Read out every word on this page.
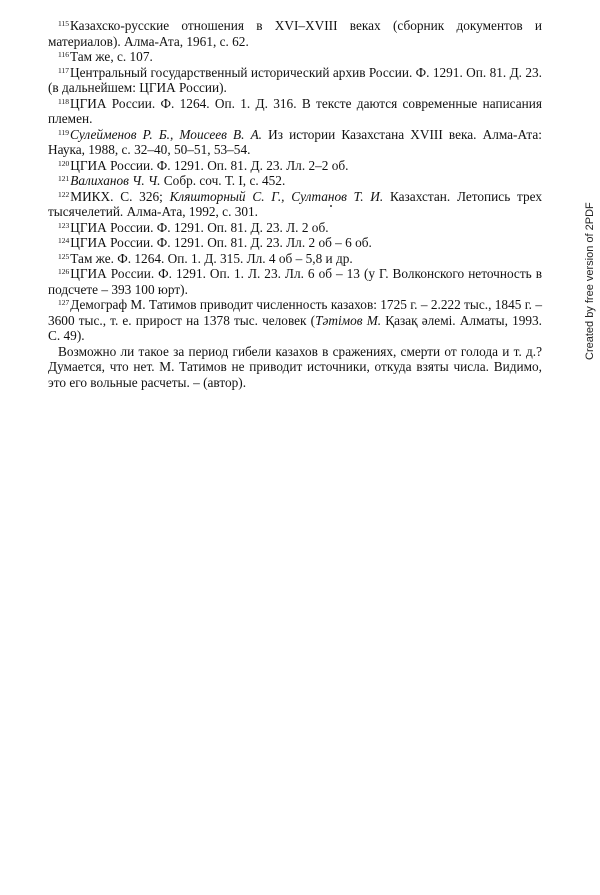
$^{115}$Казахско-русские отношения в XVI–XVIII веках (сборник документов и материалов). Алма-Ата, 1961, с. 62.

$^{116}$Там же, с. 107.

$^{117}$Центральный государственный исторический архив России. Ф. 1291. Оп. 81. Д. 23. (в дальнейшем: ЦГИА России).

$^{118}$ЦГИА России. Ф. 1264. Оп. 1. Д. 316. В тексте даются современные написания племен.

$^{119}$Сулейменов Р. Б., Моисеев В. А. Из истории Казахстана XVIII века. Алма-Ата: Наука, 1988, с. 32–40, 50–51, 53–54.

$^{120}$ЦГИА России. Ф. 1291. Оп. 81. Д. 23. Лл. 2–2 об.

$^{121}$Валиханов Ч. Ч. Собр. соч. Т. I, с. 452.

$^{122}$МИКХ. С. 326; Кляшторный С. Г., Султанов Т. И. Казахстан. Летопись трех тысячелетий. Алма-Ата, 1992, с. 301.

$^{123}$ЦГИА России. Ф. 1291. Оп. 81. Д. 23. Л. 2 об.

$^{124}$ЦГИА России. Ф. 1291. Оп. 81. Д. 23. Лл. 2 об – 6 об.

$^{125}$Там же. Ф. 1264. Оп. 1. Д. 315. Лл. 4 об – 5,8 и др.

$^{126}$ЦГИА России. Ф. 1291. Оп. 1. Л. 23. Лл. 6 об – 13 (у Г. Волконского неточность в подсчете – 393 100 юрт).

$^{127}$Демограф М. Татимов приводит численность казахов: 1725 г. – 2.222 тыс., 1845 г. – 3600 тыс., т. е. прирост на 1378 тыс. человек (Тәтімов М. Қазақ әлемі. Алматы, 1993. С. 49).

Возможно ли такое за период гибели казахов в сражениях, смерти от голода и т. д.? Думается, что нет. М. Татимов не приводит источники, откуда взяты числа. Видимо, это его вольные расчеты. – (автор).

Created by free version of 2PDF
